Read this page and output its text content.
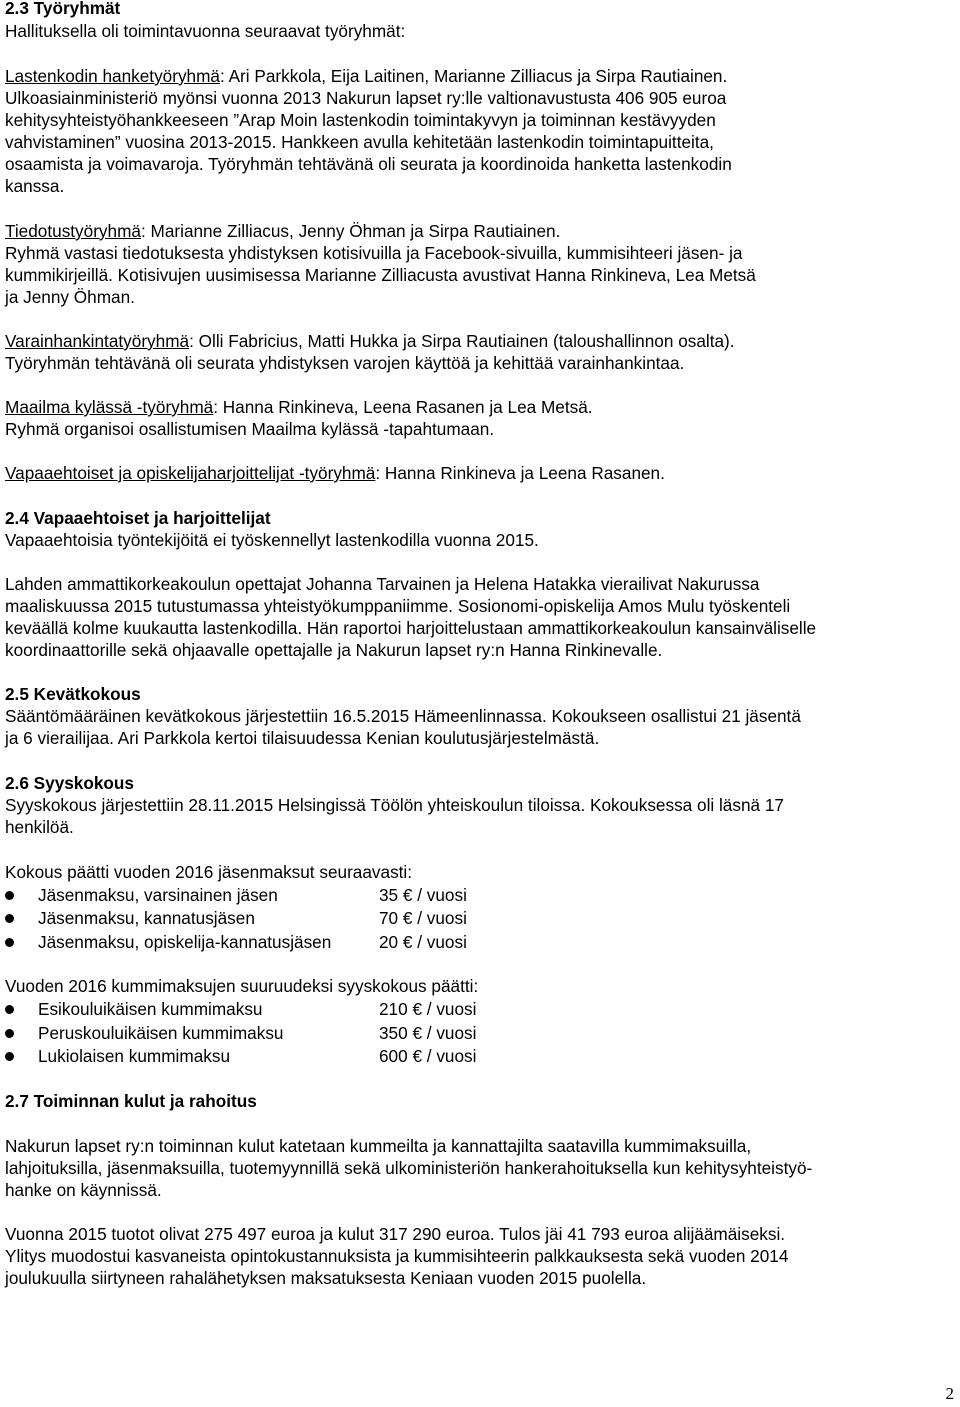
2.3 Työryhmät
Hallituksella oli toimintavuonna seuraavat työryhmät:
Lastenkodin hanketyöryhmä: Ari Parkkola, Eija Laitinen, Marianne Zilliacus ja Sirpa Rautiainen.
Ulkoasiainministeriö myönsi vuonna 2013 Nakurun lapset ry:lle valtionavustusta 406 905 euroa
kehitysyhteistyöhankkeeseen ”Arap Moin lastenkodin toimintakyvyn ja toiminnan kestävyyden
vahvistaminen” vuosina 2013-2015. Hankkeen avulla kehitetään lastenkodin toimintapuitteita,
osaamista ja voimavaroja. Työryhmän tehtävänä oli seurata ja koordinoida hanketta lastenkodin
kanssa.
Tiedotustyöryhmä: Marianne Zilliacus, Jenny Öhman ja Sirpa Rautiainen.
Ryhmä vastasi tiedotuksesta yhdistyksen kotisivuilla ja Facebook-sivuilla, kummisihteeri jäsen- ja
kummikirjeillä. Kotisivujen uusimisessa Marianne Zilliacusta avustivat Hanna Rinkineva, Lea Metsä
ja Jenny Öhman.
Varainhankintatyöryhmä: Olli Fabricius, Matti Hukka ja Sirpa Rautiainen (taloushallinnon osalta).
Työryhmän tehtävänä oli seurata yhdistyksen varojen käyttöä ja kehittää varainhankintaa.
Maailma kylässä -työryhmä: Hanna Rinkineva, Leena Rasanen ja Lea Metsä.
Ryhmä organisoi osallistumisen Maailma kylässä -tapahtumaan.
Vapaaehtoiset ja opiskelijaharjoittelijat -työryhmä: Hanna Rinkineva ja Leena Rasanen.
2.4 Vapaaehtoiset ja harjoittelijat
Vapaaehtoisia työntekijöitä ei työskennellyt lastenkodilla vuonna 2015.
Lahden ammattikorkeakoulun opettajat Johanna Tarvainen ja Helena Hatakka vierailivat Nakurussa
maaliskuussa 2015 tutustumassa yhteistyökumppaniimme. Sosionomi-opiskelija Amos Mulu työskenteli
keväällä kolme kuukautta lastenkodilla. Hän raportoi harjoittelustaan ammattikorkeakoulun kansainväliselle
koordinaattorille sekä ohjaavalle opettajalle ja Nakurun lapset ry:n Hanna Rinkinevalle.
2.5 Kevätkokous
Sääntömääräinen kevätkokous järjestettiin 16.5.2015 Hämeenlinnassa. Kokoukseen osallistui 21 jäsentä
ja 6 vierailijaa. Ari Parkkola kertoi tilaisuudessa Kenian koulutusjärjestelmästä.
2.6 Syyskokous
Syyskokous järjestettiin 28.11.2015 Helsingissä Töölön yhteiskoulun tiloissa. Kokouksessa oli läsnä 17
henkilöä.
Kokous päätti vuoden 2016 jäsenmaksut seuraavasti:
Jäsenmaksu, varsinainen jäsen	35 € / vuosi
Jäsenmaksu, kannatusjäsen	70 € / vuosi
Jäsenmaksu, opiskelija-kannatusjäsen	20 € / vuosi
Vuoden 2016 kummimaksujen suuruudeksi syyskokous päätti:
Esikouluikäisen kummimaksu	210 € / vuosi
Peruskouluikäisen kummimaksu	350 € / vuosi
Lukiolaisen kummimaksu	600 € / vuosi
2.7 Toiminnan kulut ja rahoitus
Nakurun lapset ry:n toiminnan kulut katetaan kummeilta ja kannattajilta saatavilla kummimaksuilla,
lahjoituksilla, jäsenmaksuilla, tuotemyynnillä sekä ulkoministeriön hankerahoituksella kun kehitysyhteistyö-
hanke on käynnissä.
Vuonna 2015 tuotot olivat 275 497 euroa ja kulut 317 290 euroa. Tulos jäi 41 793 euroa alijäämäiseksi.
Ylitys muodostui kasvaneista opintokustannuksista ja kummisihteerin palkkauksesta sekä vuoden 2014
joulukuulla siirtyneen rahalähetyksen maksatuksesta Keniaan vuoden 2015 puolella.
2
